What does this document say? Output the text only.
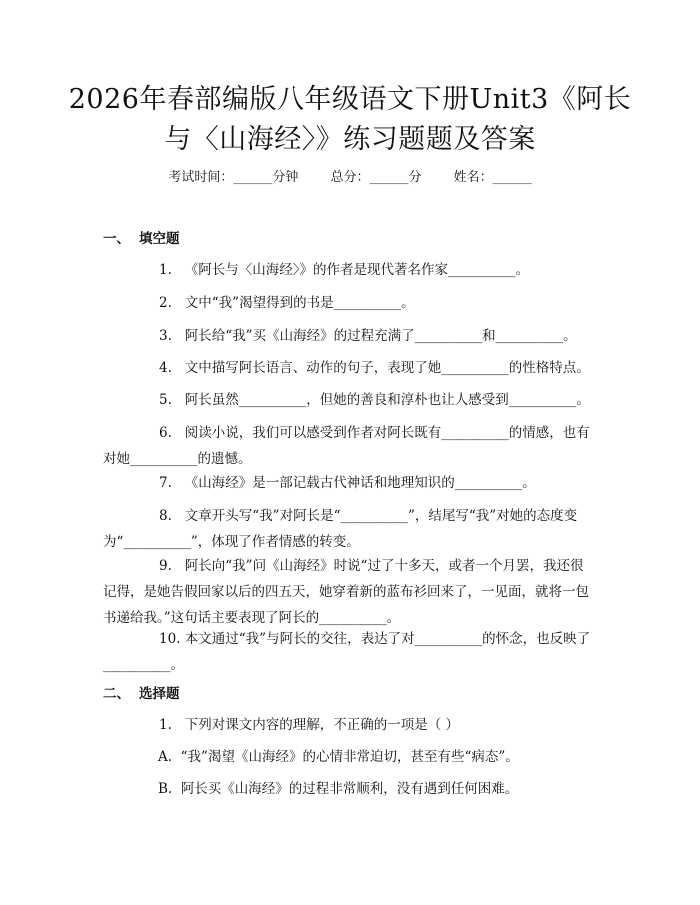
2026年春部编版八年级语文下册Unit3《阿长与〈山海经〉》练习题题及答案
考试时间：______分钟 总分：______分 姓名：______
一、 填空题

1. 《阿长与〈山海经〉》的作者是现代著名作家__________。

2. 文中“我”渴望得到的书是__________。

3. 阿长给“我”买《山海经》的过程充满了__________和__________。

4. 文中描写阿长语言、动作的句子，表现了她__________的性格特点。

5. 阿长虽然__________，但她的善良和淳朴也让人感受到__________。

6. 阅读小说，我们可以感受到作者对阿长既有__________的情感，也有对她__________的遗憾。

7. 《山海经》是一部记载古代神话和地理知识的__________。

8. 文章开头写“我”对阿长是“__________”，结尾写“我”对她的态度变为“__________”，体现了作者情感的转变。

9. 阿长向“我”问《山海经》时说“过了十多天，或者一个月罢，我还很记得，是她告假回家以后的四五天，她穿着新的蓝布衫回来了，一见面，就将一包书递给我。”这句话主要表现了阿长的__________。

10. 本文通过“我”与阿长的交往，表达了对__________的怀念，也反映了__________。

二、 选择题

1. 下列对课文内容的理解，不正确的一项是（ ）

A. “我”渴望《山海经》的心情非常迫切，甚至有些“病态”。

B. 阿长买《山海经》的过程非常顺利，没有遇到任何困难。
